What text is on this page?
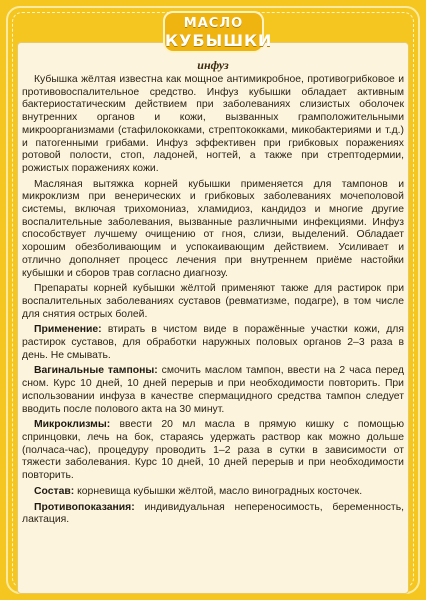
МАСЛО
КУБЫШКИ
инфуз

Кубышка жёлтая известна как мощное антимикробное, противогрибковое и противовоспалительное средство. Инфуз кубышки обладает активным бактериостатическим действием при заболеваниях слизистых оболочек внутренних органов и кожи, вызванных грамположительными микроорганизмами (стафилококками, стрептококками, микобактериями и т.д.) и патогенными грибами. Инфуз эффективен при грибковых поражениях ротовой полости, стоп, ладоней, ногтей, а также при стрептодермии, рожистых поражениях кожи.

Масляная вытяжка корней кубышки применяется для тампонов и микроклизм при венерических и грибковых заболеваниях мочеполовой системы, включая трихомониаз, хламидиоз, кандидоз и многие другие воспалительные заболевания, вызванные различными инфекциями. Инфуз способствует лучшему очищению от гноя, слизи, выделений. Обладает хорошим обезболивающим и успокаивающим действием. Усиливает и отлично дополняет процесс лечения при внутреннем приёме настойки кубышки и сборов трав согласно диагнозу.

Препараты корней кубышки жёлтой применяют также для растирок при воспалительных заболеваниях суставов (ревматизме, подагре), в том числе для снятия острых болей.

Применение: втирать в чистом виде в поражённые участки кожи, для растирок суставов, для обработки наружных половых органов 2–3 раза в день. Не смывать.

Вагинальные тампоны: смочить маслом тампон, ввести на 2 часа перед сном. Курс 10 дней, 10 дней перерыв и при необходимости повторить. При использовании инфуза в качестве спермацидного средства тампон следует вводить после полового акта на 30 минут.

Микроклизмы: ввести 20 мл масла в прямую кишку с помощью спринцовки, лечь на бок, стараясь удержать раствор как можно дольше (полчаса-час), процедуру проводить 1–2 раза в сутки в зависимости от тяжести заболевания. Курс 10 дней, 10 дней перерыв и при необходимости повторить.

Состав: корневища кубышки жёлтой, масло виноградных косточек.

Противопоказания: индивидуальная непереносимость, беременность, лактация.
